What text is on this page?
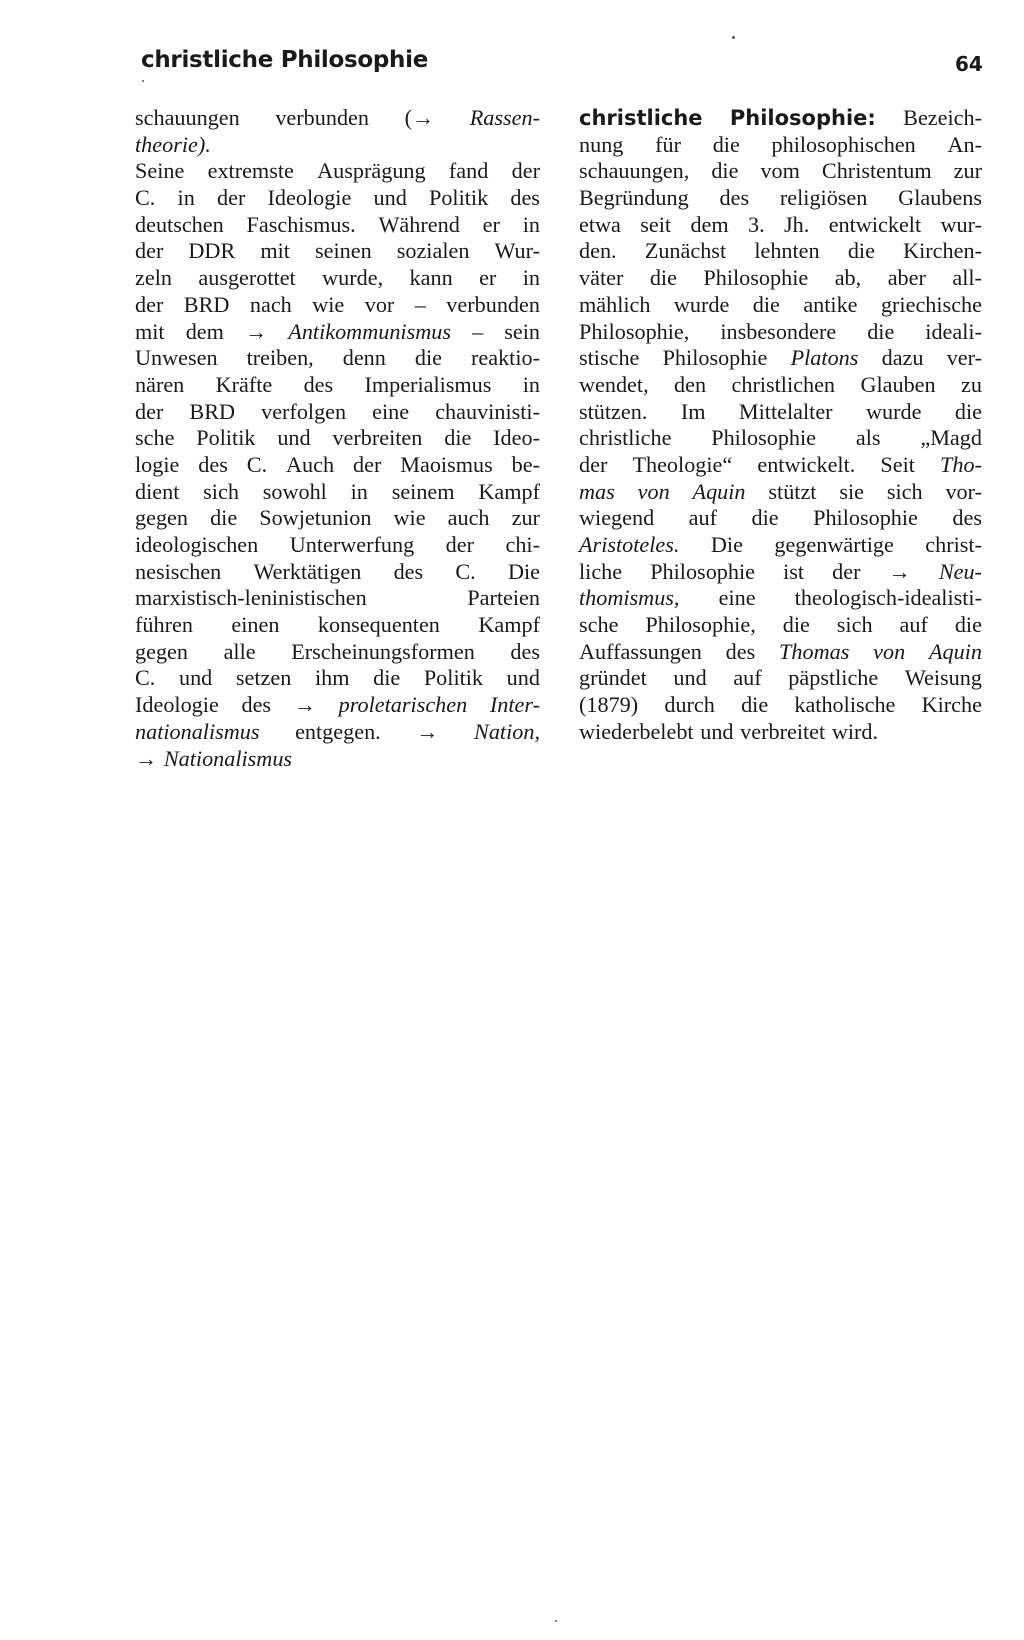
christliche Philosophie	64
schauungen verbunden (→ Rassen-
theorie).
Seine extremste Ausprägung fand der
C. in der Ideologie und Politik des
deutschen Faschismus. Während er in
der DDR mit seinen sozialen Wur-
zeln ausgerottet wurde, kann er in
der BRD nach wie vor – verbunden
mit dem → Antikommunismus – sein
Unwesen treiben, denn die reaktio-
nären Kräfte des Imperialismus in
der BRD verfolgen eine chauvinisti-
sche Politik und verbreiten die Ideo-
logie des C. Auch der Maoismus be-
dient sich sowohl in seinem Kampf
gegen die Sowjetunion wie auch zur
ideologischen Unterwerfung der chi-
nesischen Werktätigen des C. Die
marxistisch-leninistischen	Parteien
führen einen konsequenten Kampf
gegen alle Erscheinungsformen des
C. und setzen ihm die Politik und
Ideologie des → proletarischen Inter-
nationalismus entgegen. → Nation,
→ Nationalismus
christliche Philosophie: Bezeich-
nung für die philosophischen An-
schauungen, die vom Christentum zur
Begründung des religiösen Glaubens
etwa seit dem 3. Jh. entwickelt wur-
den. Zunächst lehnten die Kirchen-
väter die Philosophie ab, aber all-
mählich wurde die antike griechische
Philosophie, insbesondere die ideali-
stische Philosophie Platons dazu ver-
wendet, den christlichen Glauben zu
stützen. Im Mittelalter wurde die
christliche Philosophie als „Magd
der Theologie“ entwickelt. Seit Tho-
mas von Aquin stützt sie sich vor-
wiegend auf die Philosophie des
Aristoteles. Die gegenwärtige christ-
liche Philosophie ist der → Neu-
thomismus, eine theologisch-idealisti-
sche Philosophie, die sich auf die
Auffassungen des Thomas von Aquin
gründet und auf päpstliche Weisung
(1879) durch die katholische Kirche
wiederbelebt und verbreitet wird.
